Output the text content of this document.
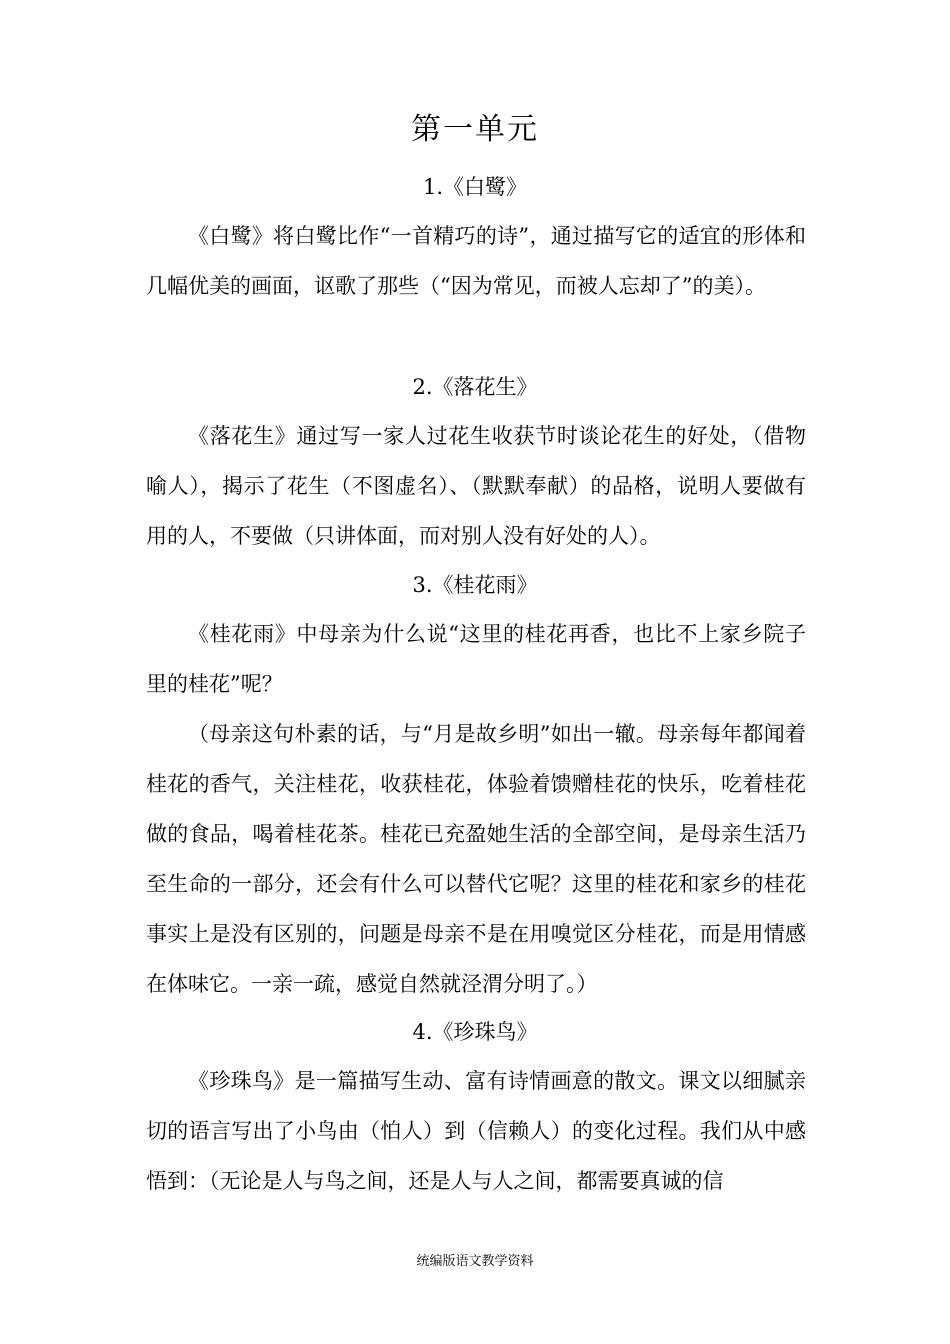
第一单元
1.《白鹭》

《白鹭》将白鹭比作“一首精巧的诗”，通过描写它的适宜的形体和几幅优美的画面，讴歌了那些（“因为常见，而被人忘却了”的美）。

2.《落花生》

《落花生》通过写一家人过花生收获节时谈论花生的好处，（借物喻人），揭示了花生（不图虚名）、（默默奉献）的品格，说明人要做有用的人，不要做（只讲体面，而对别人没有好处的人）。

3.《桂花雨》

《桂花雨》中母亲为什么说“这里的桂花再香，也比不上家乡院子里的桂花”呢？

（母亲这句朴素的话，与“月是故乡明”如出一辙。母亲每年都闻着桂花的香气，关注桂花，收获桂花，体验着馈赠桂花的快乐，吃着桂花做的食品，喝着桂花茶。桂花已充盈她生活的全部空间，是母亲生活乃至生命的一部分，还会有什么可以替代它呢？这里的桂花和家乡的桂花事实上是没有区别的，问题是母亲不是在用嗅觉区分桂花，而是用情感在体味它。一亲一疏，感觉自然就泾渭分明了。）

4.《珍珠鸟》

《珍珠鸟》是一篇描写生动、富有诗情画意的散文。课文以细腻亲切的语言写出了小鸟由（怕人）到（信赖人）的变化过程。我们从中感悟到：（无论是人与鸟之间，还是人与人之间，都需要真诚的信

统编版语文教学资料
